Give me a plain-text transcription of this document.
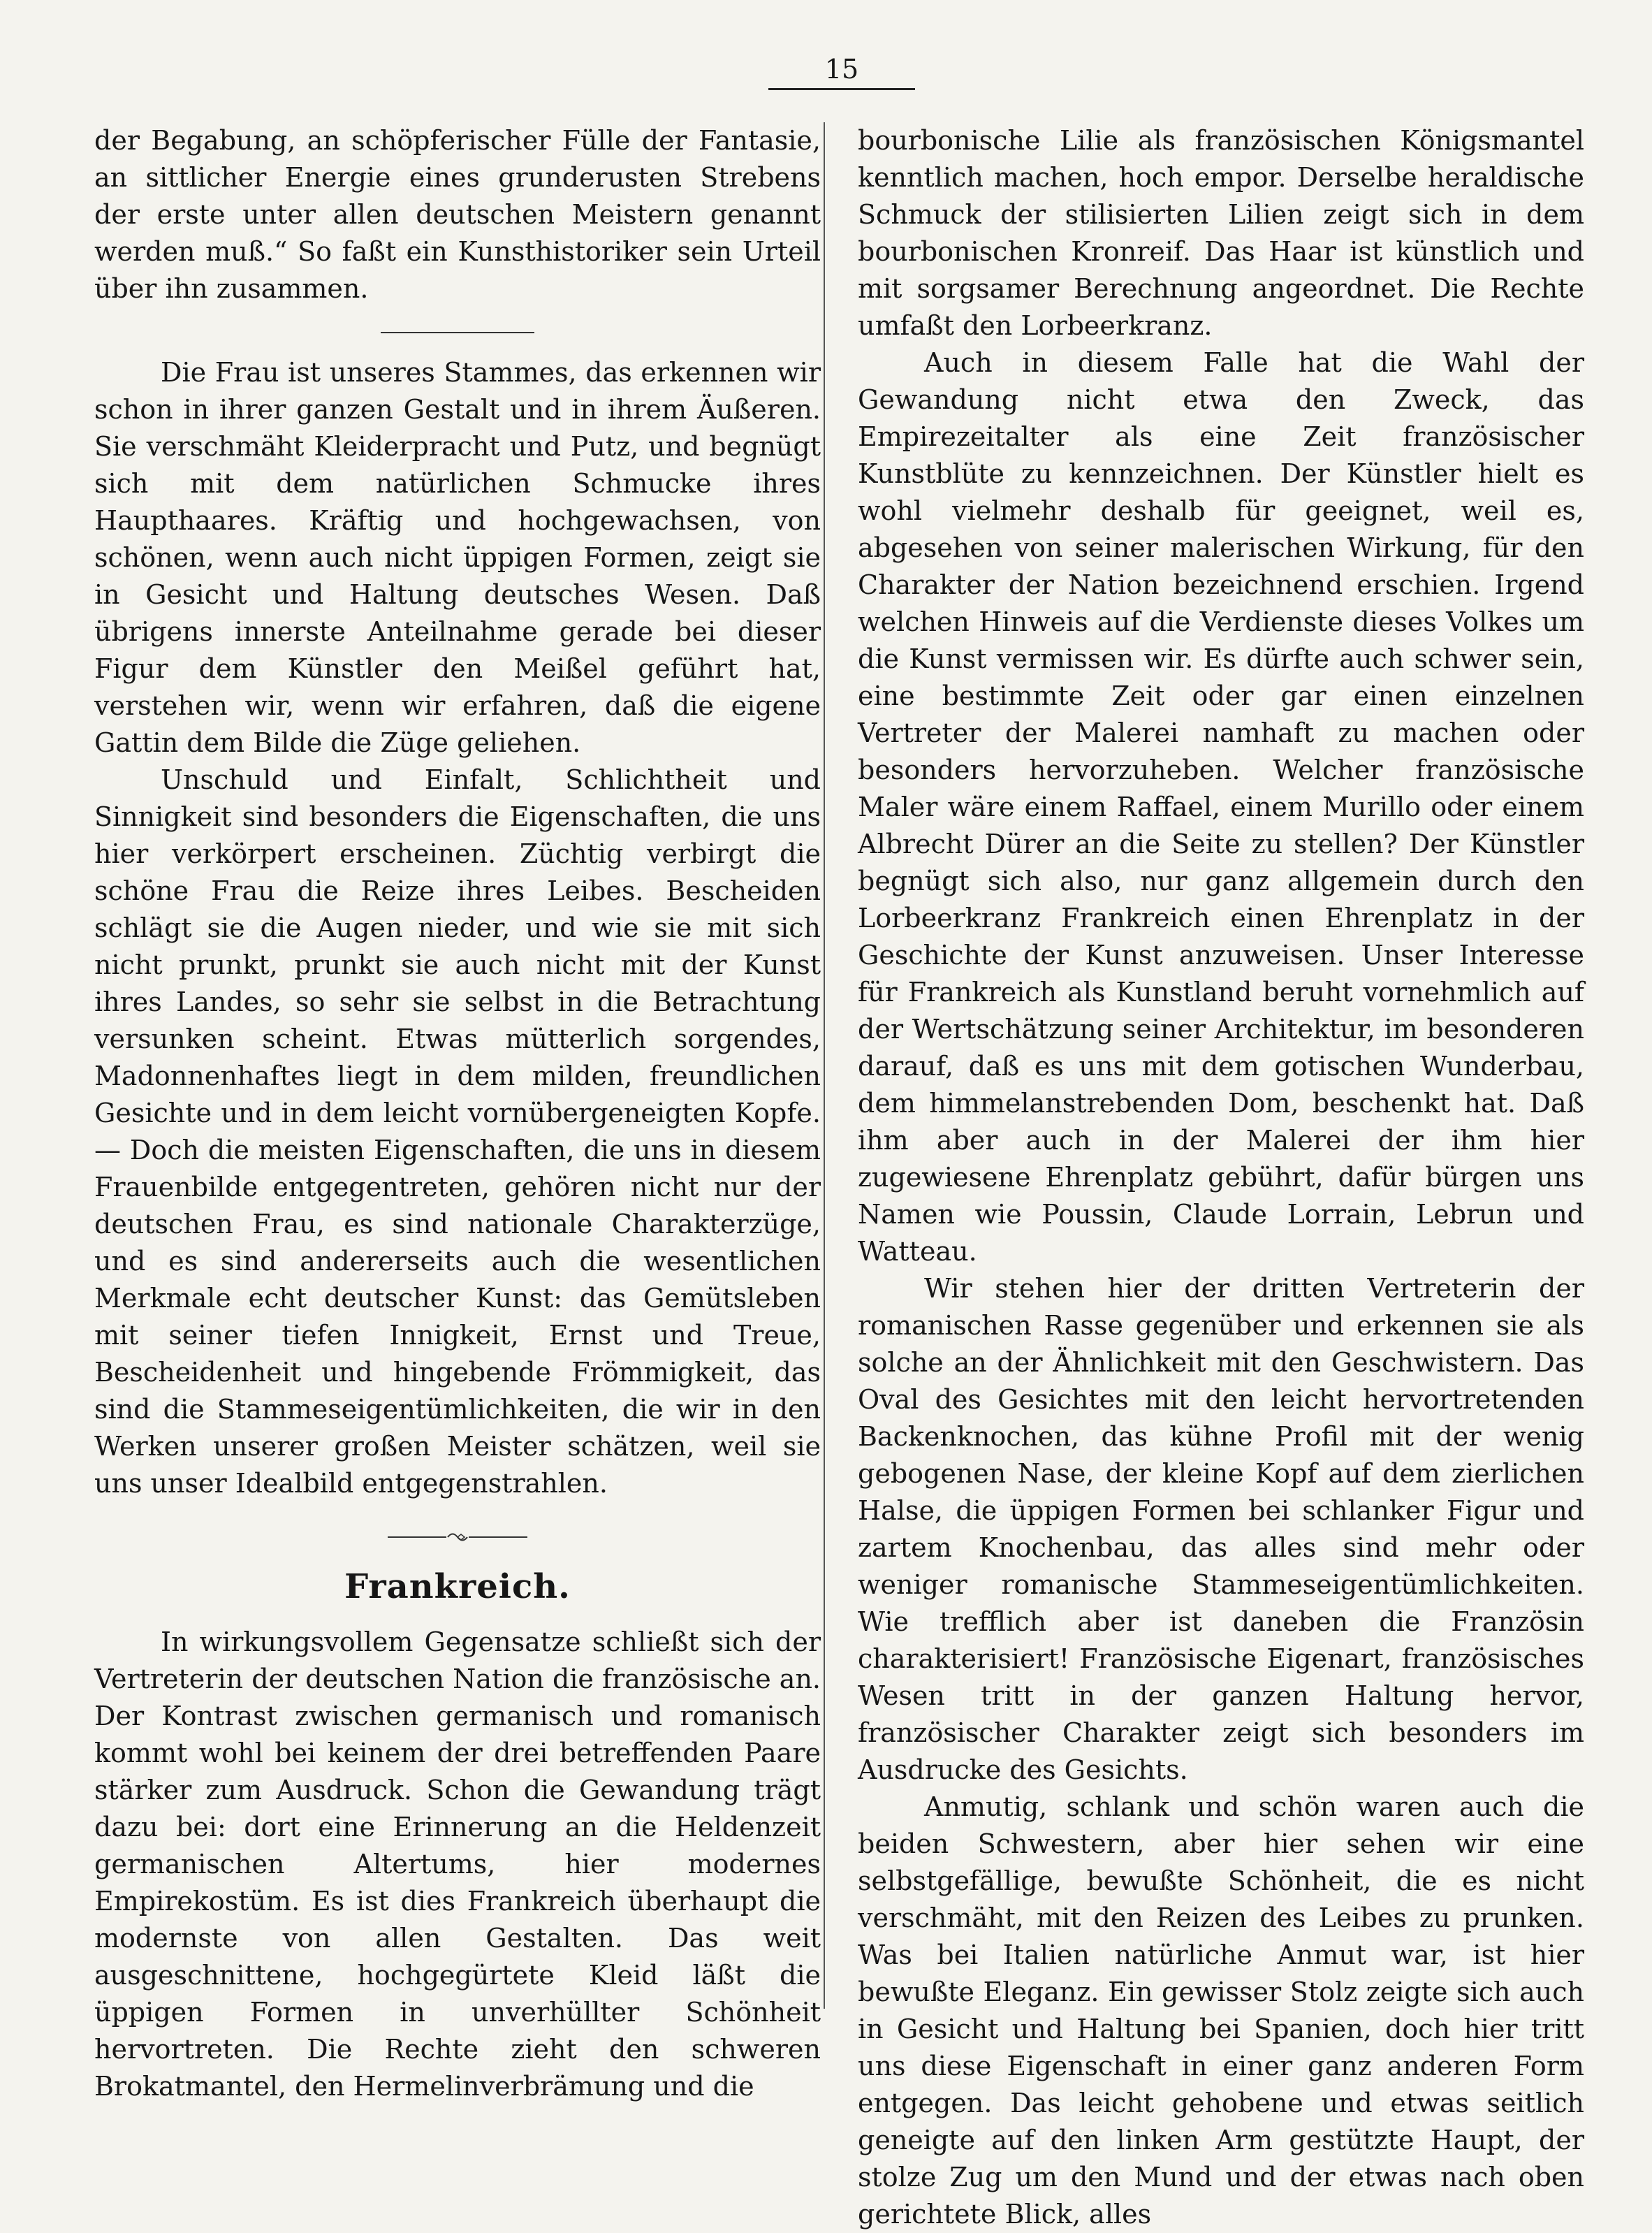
15

der Begabung, an schöpferischer Fülle der Fantasie, an sittlicher Energie eines grunderusten Strebens der erste unter allen deutschen Meistern genannt werden muß.“ So faßt ein Kunsthistoriker sein Urteil über ihn zusammen.

Die Frau ist unseres Stammes, das erkennen wir schon in ihrer ganzen Gestalt und in ihrem Äußeren. Sie verschmäht Kleiderpracht und Putz, und begnügt sich mit dem natürlichen Schmucke ihres Haupthaares. Kräftig und hochgewachsen, von schönen, wenn auch nicht üppigen Formen, zeigt sie in Gesicht und Haltung deutsches Wesen. Daß übrigens innerste Anteilnahme gerade bei dieser Figur dem Künstler den Meißel geführt hat, verstehen wir, wenn wir erfahren, daß die eigene Gattin dem Bilde die Züge geliehen.

Unschuld und Einfalt, Schlichtheit und Sinnigkeit sind besonders die Eigenschaften, die uns hier verkörpert erscheinen. Züchtig verbirgt die schöne Frau die Reize ihres Leibes. Bescheiden schlägt sie die Augen nieder, und wie sie mit sich nicht prunkt, prunkt sie auch nicht mit der Kunst ihres Landes, so sehr sie selbst in die Betrachtung versunken scheint. Etwas mütterlich sorgendes, Madonnenhaftes liegt in dem milden, freundlichen Gesichte und in dem leicht vornübergeneigten Kopfe. — Doch die meisten Eigenschaften, die uns in diesem Frauenbilde entgegentreten, gehören nicht nur der deutschen Frau, es sind nationale Charakterzüge, und es sind andererseits auch die wesentlichen Merkmale echt deutscher Kunst: das Gemütsleben mit seiner tiefen Innigkeit, Ernst und Treue, Bescheidenheit und hingebende Frömmigkeit, das sind die Stammeseigentümlichkeiten, die wir in den Werken unserer großen Meister schätzen, weil sie uns unser Idealbild entgegenstrahlen.

Frankreich.

In wirkungsvollem Gegensatze schließt sich der Vertreterin der deutschen Nation die französische an. Der Kontrast zwischen germanisch und romanisch kommt wohl bei keinem der drei betreffenden Paare stärker zum Ausdruck. Schon die Gewandung trägt dazu bei: dort eine Erinnerung an die Heldenzeit germanischen Altertums, hier modernes Empirekostüm. Es ist dies Frankreich überhaupt die modernste von allen Gestalten. Das weit ausgeschnittene, hochgegürtete Kleid läßt die üppigen Formen in unverhüllter Schönheit hervortreten. Die Rechte zieht den schweren Brokatmantel, den Hermelinverbrämung und die

bourbonische Lilie als französischen Königsmantel kenntlich machen, hoch empor. Derselbe heraldische Schmuck der stilisierten Lilien zeigt sich in dem bourbonischen Kronreif. Das Haar ist künstlich und mit sorgsamer Berechnung angeordnet. Die Rechte umfaßt den Lorbeerkranz.

Auch in diesem Falle hat die Wahl der Gewandung nicht etwa den Zweck, das Empirezeitalter als eine Zeit französischer Kunstblüte zu kennzeichnen. Der Künstler hielt es wohl vielmehr deshalb für geeignet, weil es, abgesehen von seiner malerischen Wirkung, für den Charakter der Nation bezeichnend erschien. Irgend welchen Hinweis auf die Verdienste dieses Volkes um die Kunst vermissen wir. Es dürfte auch schwer sein, eine bestimmte Zeit oder gar einen einzelnen Vertreter der Malerei namhaft zu machen oder besonders hervorzuheben. Welcher französische Maler wäre einem Raffael, einem Murillo oder einem Albrecht Dürer an die Seite zu stellen? Der Künstler begnügt sich also, nur ganz allgemein durch den Lorbeerkranz Frankreich einen Ehrenplatz in der Geschichte der Kunst anzuweisen. Unser Interesse für Frankreich als Kunstland beruht vornehmlich auf der Wertschätzung seiner Architektur, im besonderen darauf, daß es uns mit dem gotischen Wunderbau, dem himmelanstrebenden Dom, beschenkt hat. Daß ihm aber auch in der Malerei der ihm hier zugewiesene Ehrenplatz gebührt, dafür bürgen uns Namen wie Poussin, Claude Lorrain, Lebrun und Watteau.

Wir stehen hier der dritten Vertreterin der romanischen Rasse gegenüber und erkennen sie als solche an der Ähnlichkeit mit den Geschwistern. Das Oval des Gesichtes mit den leicht hervortretenden Backenknochen, das kühne Profil mit der wenig gebogenen Nase, der kleine Kopf auf dem zierlichen Halse, die üppigen Formen bei schlanker Figur und zartem Knochenbau, das alles sind mehr oder weniger romanische Stammeseigentümlichkeiten. Wie trefflich aber ist daneben die Französin charakterisiert! Französische Eigenart, französisches Wesen tritt in der ganzen Haltung hervor, französischer Charakter zeigt sich besonders im Ausdrucke des Gesichts.

Anmutig, schlank und schön waren auch die beiden Schwestern, aber hier sehen wir eine selbstgefällige, bewußte Schönheit, die es nicht verschmäht, mit den Reizen des Leibes zu prunken. Was bei Italien natürliche Anmut war, ist hier bewußte Eleganz. Ein gewisser Stolz zeigte sich auch in Gesicht und Haltung bei Spanien, doch hier tritt uns diese Eigenschaft in einer ganz anderen Form entgegen. Das leicht gehobene und etwas seitlich geneigte auf den linken Arm gestützte Haupt, der stolze Zug um den Mund und der etwas nach oben gerichtete Blick, alles
